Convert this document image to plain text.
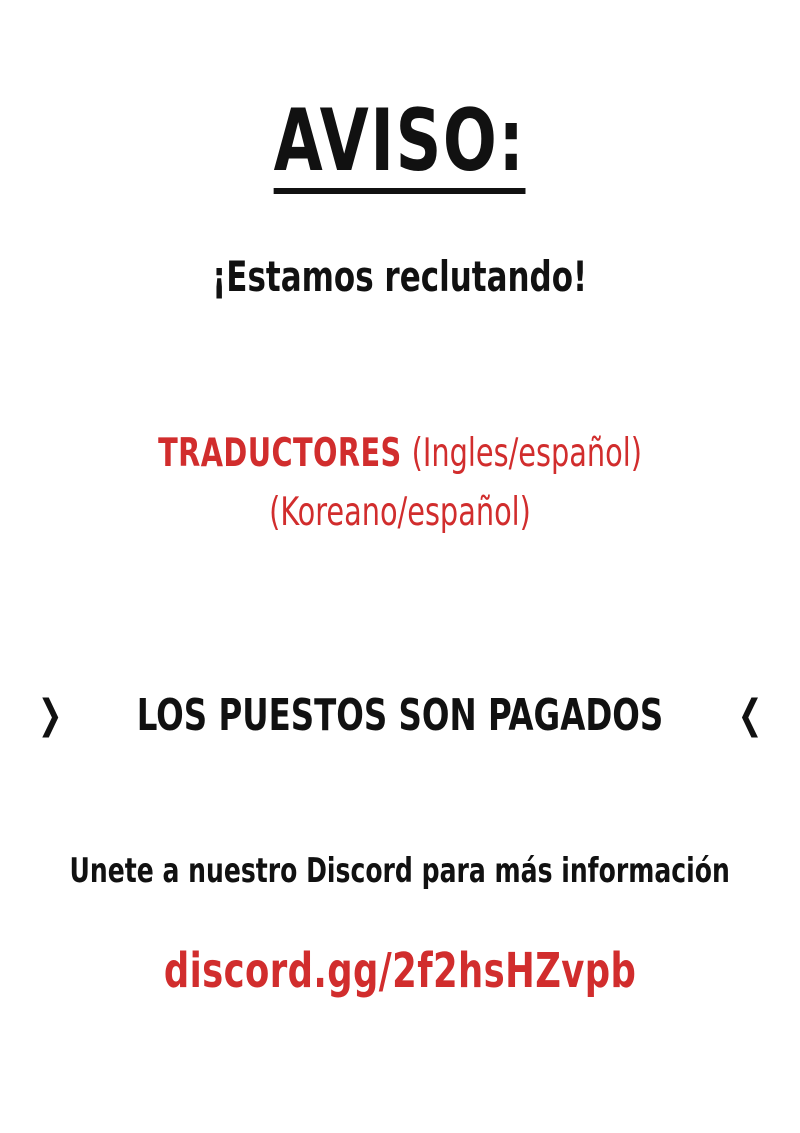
AVISO:
¡Estamos reclutando!
TRADUCTORES (Ingles/español)
(Koreano/español)
❯ LOS PUESTOS SON PAGADOS ❮
Unete a nuestro Discord para más información
discord.gg/2f2hsHZvpb
